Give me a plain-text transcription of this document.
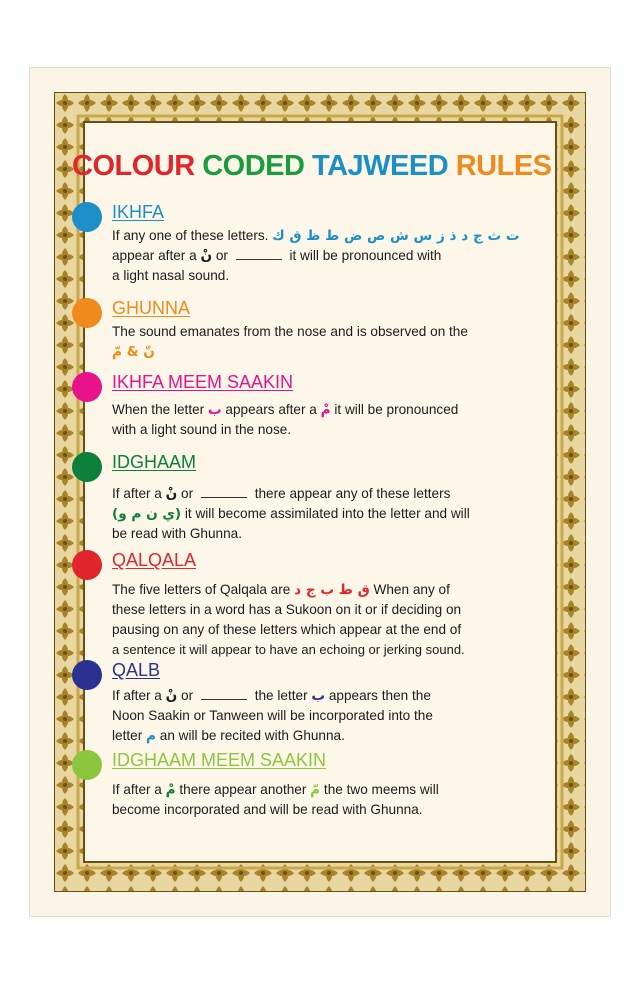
COLOUR CODED TAJWEED RULES
IKHFA
If any one of these letters. ت ث ج د ذ ز س ش ص ض ط ظ ق ك
appear after a نْ or	it will be pronounced with
a light nasal sound.
GHUNNA
The sound emanates from the nose and is observed on the
نّ & مّ
IKHFA MEEM SAAKIN
When the letter ب appears after a مْ it will be pronounced
with a light sound in the nose.
IDGHAAM
If after a نْ or	there appear any of these letters
(ي ن م و) it will become assimilated into the letter and will
be read with Ghunna.
QALQALA
The five letters of Qalqala are ق ط ب ج د When any of
these letters in a word has a Sukoon on it or if deciding on
pausing on any of these letters which appear at the end of
a sentence it will appear to have an echoing or jerking sound.
QALB
If after a نْ or	the letter ب appears then the
Noon Saakin or Tanween will be incorporated into the
letter م an will be recited with Ghunna.
IDGHAAM MEEM SAAKIN
If after a مْ there appear another مّ the two meems will
become incorporated and will be read with Ghunna.
